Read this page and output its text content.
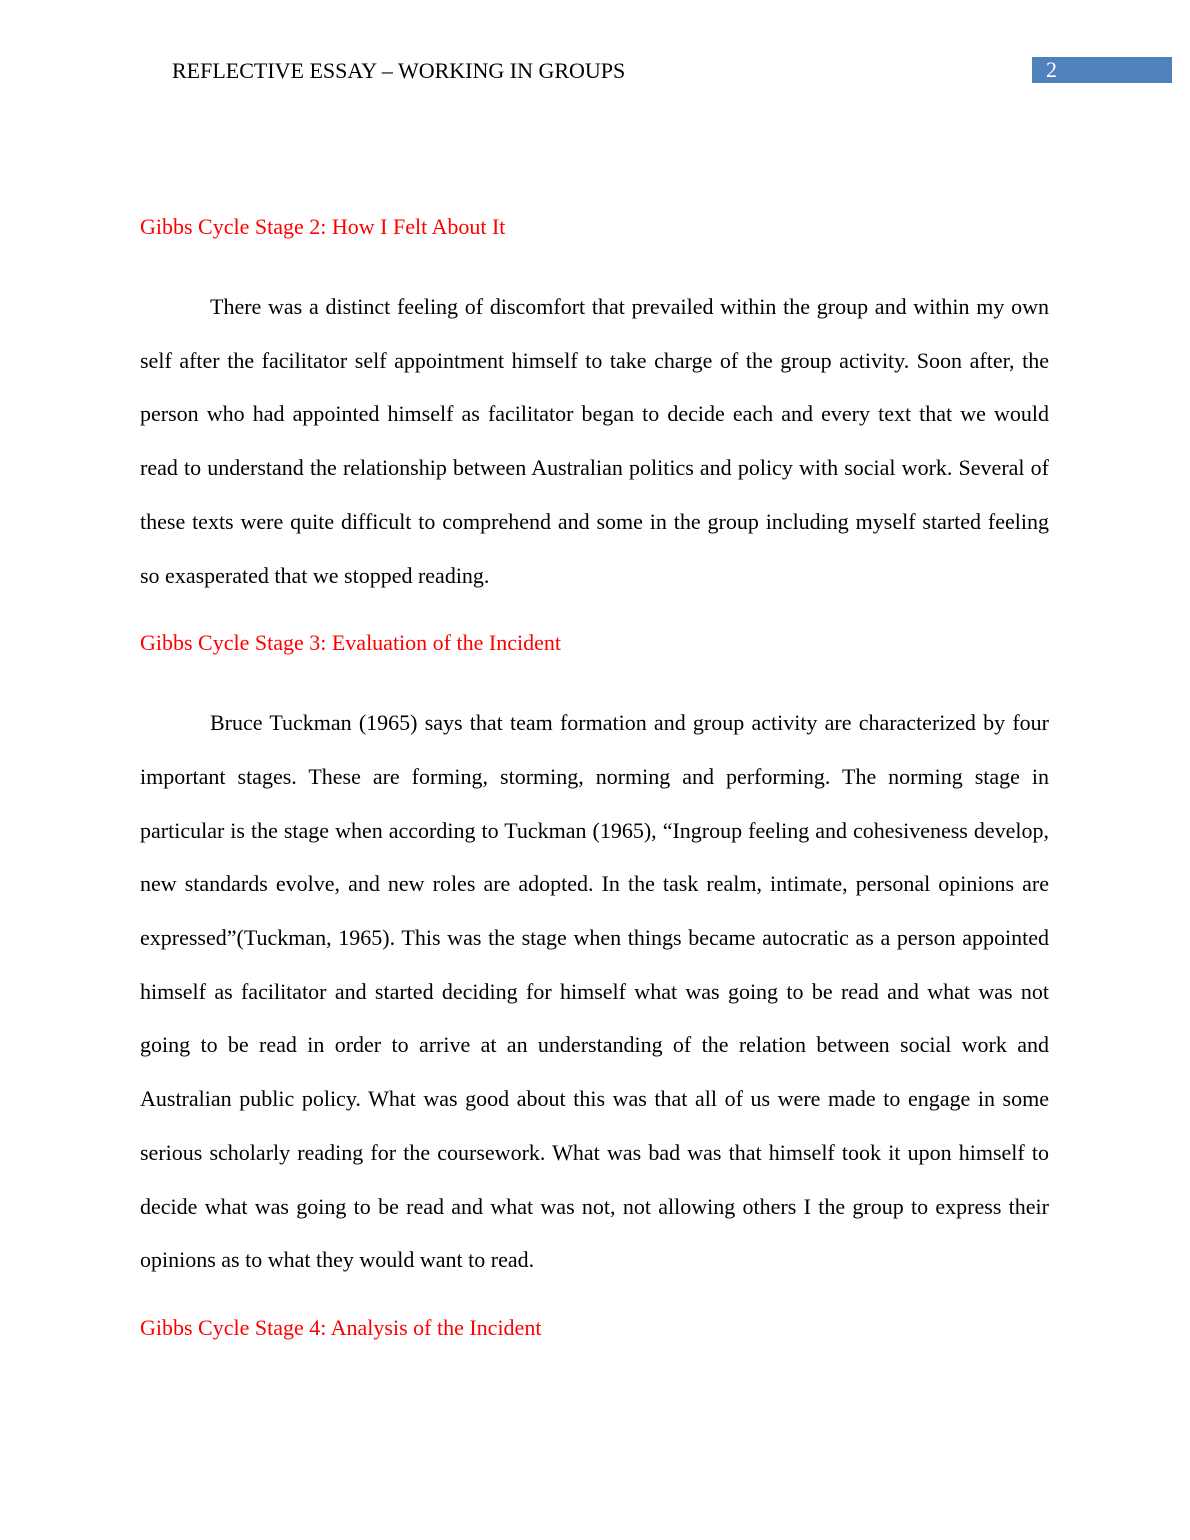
REFLECTIVE ESSAY – WORKING IN GROUPS	2
Gibbs Cycle Stage 2: How I Felt About It

There was a distinct feeling of discomfort that prevailed within the group and within my own self after the facilitator self appointment himself to take charge of the group activity. Soon after, the person who had appointed himself as facilitator began to decide each and every text that we would read to understand the relationship between Australian politics and policy with social work. Several of these texts were quite difficult to comprehend and some in the group including myself started feeling so exasperated that we stopped reading.

Gibbs Cycle Stage 3: Evaluation of the Incident

Bruce Tuckman (1965) says that team formation and group activity are characterized by four important stages. These are forming, storming, norming and performing. The norming stage in particular is the stage when according to Tuckman (1965), “Ingroup feeling and cohesiveness develop, new standards evolve, and new roles are adopted. In the task realm, intimate, personal opinions are expressed”(Tuckman, 1965). This was the stage when things became autocratic as a person appointed himself as facilitator and started deciding for himself what was going to be read and what was not going to be read in order to arrive at an understanding of the relation between social work and Australian public policy. What was good about this was that all of us were made to engage in some serious scholarly reading for the coursework. What was bad was that himself took it upon himself to decide what was going to be read and what was not, not allowing others I the group to express their opinions as to what they would want to read.

Gibbs Cycle Stage 4: Analysis of the Incident
